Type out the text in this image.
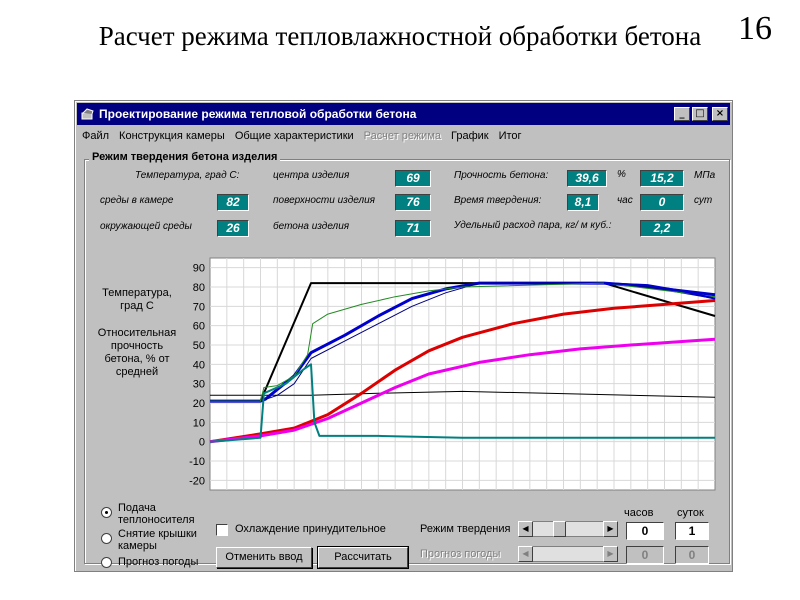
Расчет режима тепловлажностной обработки бетона	16
Проектирование режима тепловой обработки бетона	_	□	×
Файл Конструкция камеры Общие характеристики Расчет режима График Итог
Режим твердения бетона изделия
Температура, град С:
среды в камере	82
окружающей среды	26
центра изделия	69
поверхности изделия	76
бетона изделия	71
Прочность бетона:	39,6	%	15,2	МПа
Время твердения:	8,1	час	0	сут
Удельный расход пара, кг/ м куб.:	2,2
Температура, град С
Относительная прочность бетона, % от средней
90
80
70
60
50
40
30
20
10
0
-10
-20
Подача теплоносителя
Снятие крышки камеры
Прогноз погоды
Охлаждение принудительное
Отменить ввод	Рассчитать
Режим твердения	◀	▶
Прогноз погоды	◀	▶
часов суток
0	1
0	0
